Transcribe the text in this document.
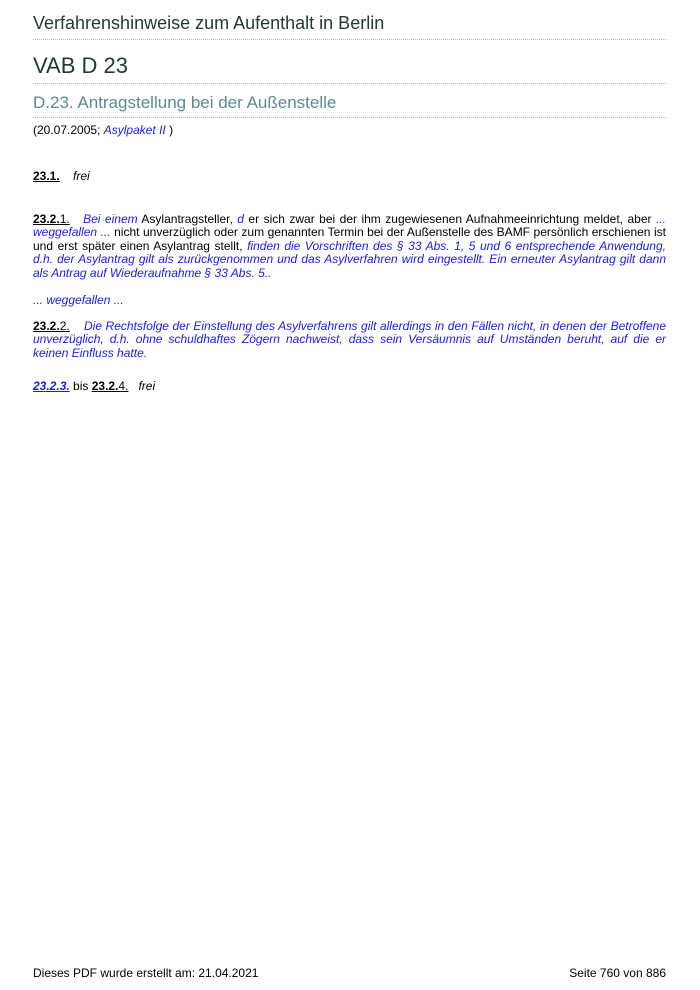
Verfahrenshinweise zum Aufenthalt in Berlin
VAB D 23
D.23. Antragstellung bei der Außenstelle
(20.07.2005; Asylpaket II )
23.1. frei
23.2.1. Bei einem Asylantragsteller, d er sich zwar bei der ihm zugewiesenen Aufnahmeeinrichtung meldet, aber ... weggefallen ... nicht unverzüglich oder zum genannten Termin bei der Außenstelle des BAMF persönlich erschienen ist und erst später einen Asylantrag stellt, finden die Vorschriften des § 33 Abs. 1, 5 und 6 entsprechende Anwendung, d.h. der Asylantrag gilt als zurückgenommen und das Asylverfahren wird eingestellt. Ein erneuter Asylantrag gilt dann als Antrag auf Wiederaufnahme § 33 Abs. 5..
... weggefallen ...
23.2.2. Die Rechtsfolge der Einstellung des Asylverfahrens gilt allerdings in den Fällen nicht, in denen der Betroffene unverzüglich, d.h. ohne schuldhaftes Zögern nachweist, dass sein Versäumnis auf Umständen beruht, auf die er keinen Einfluss hatte.
23.2.3. bis 23.2.4. frei
Dieses PDF wurde erstellt am: 21.04.2021	Seite 760 von 886
